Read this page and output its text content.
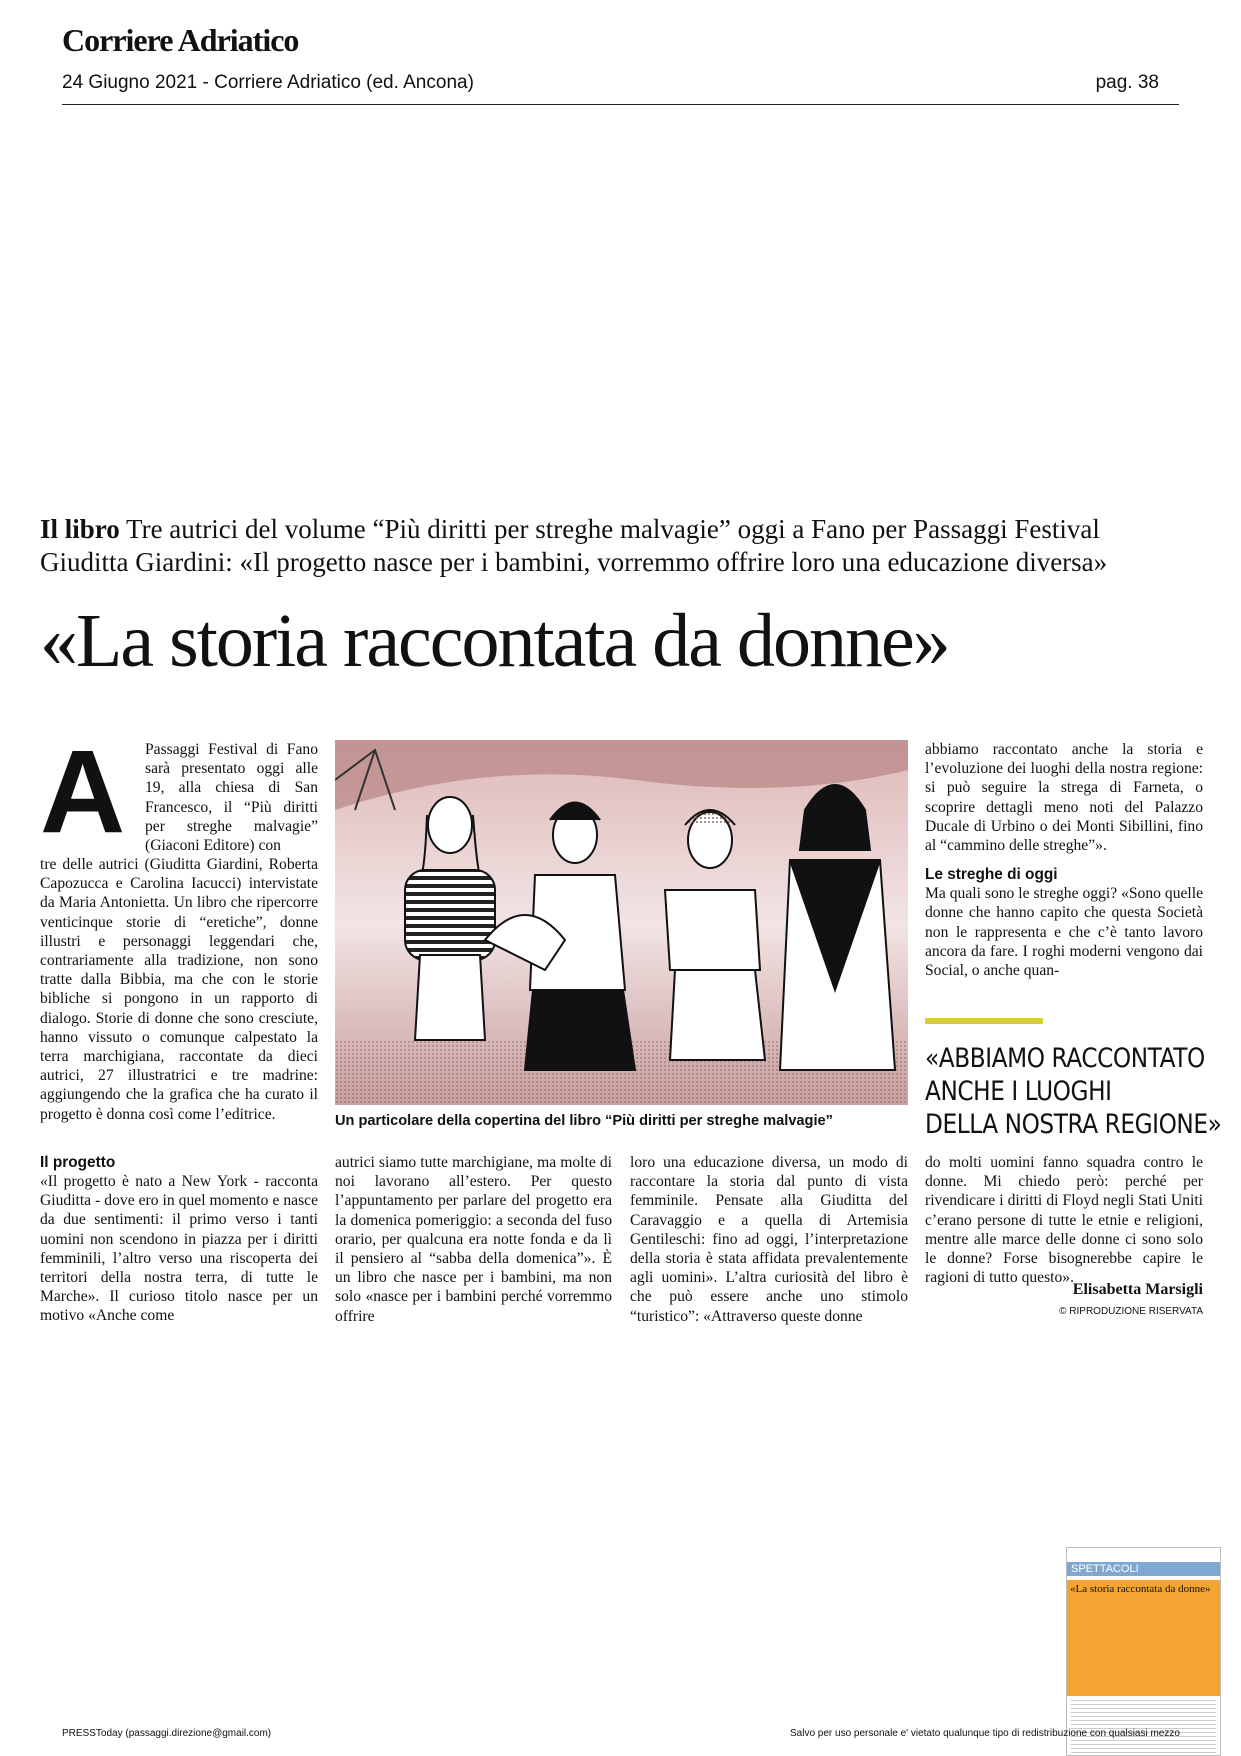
Corriere Adriatico
24 Giugno 2021 - Corriere Adriatico (ed. Ancona)	pag. 38
Il libro Tre autrici del volume “Più diritti per streghe malvagie” oggi a Fano per Passaggi Festival
Giuditta Giardini: «Il progetto nasce per i bambini, vorremmo offrire loro una educazione diversa»
«La storia raccontata da donne»
A Passaggi Festival di Fano sarà presentato oggi alle 19, alla chiesa di San Francesco, il “Più diritti per streghe malvagie” (Giaconi Editore) con
tre delle autrici (Giuditta Giardini, Roberta Capozucca e Carolina Iacucci) intervistate da Maria Antonietta. Un libro che ripercorre venticinque storie di “eretiche”, donne illustri e personaggi leggendari che, contrariamente alla tradizione, non sono tratte dalla Bibbia, ma che con le storie bibliche si pongono in un rapporto di dialogo. Storie di donne che sono cresciute, hanno vissuto o comunque calpestato la terra marchigiana, raccontate da dieci autrici, 27 illustratrici e tre madrine: aggiungendo che la grafica che ha curato il progetto è donna così come l’editrice.	Un particolare della copertina del libro “Più diritti per streghe malvagie”
Il progetto

«Il progetto è nato a New York - racconta Giuditta - dove ero in quel momento e nasce da due sentimenti: il primo verso i tanti uomini non scendono in piazza per i diritti femminili, l’altro verso una riscoperta dei territori della nostra terra, di tutte le Marche». Il curioso titolo nasce per un motivo «Anche come

autrici siamo tutte marchigiane, ma molte di noi lavorano all’estero. Per questo l’appuntamento per parlare del progetto era la domenica pomeriggio: a seconda del fuso orario, per qualcuna era notte fonda e da lì il pensiero al “sabba della domenica”». È un libro che nasce per i bambini, ma non solo «nasce per i bambini perché vorremmo offrire
loro una educazione diversa, un modo di raccontare la storia dal punto di vista femminile. Pensate alla Giuditta del Caravaggio e a quella di Artemisia Gentileschi: fino ad oggi, l’interpretazione della storia è stata affidata prevalentemente agli uomini». L’altra curiosità del libro è che può essere anche uno stimolo “turistico”: «Attraverso queste donne

abbiamo raccontato anche la storia e l’evoluzione dei luoghi della nostra regione: si può seguire la strega di Farneta, o scoprire dettagli meno noti del Palazzo Ducale di Urbino o dei Monti Sibillini, fino al “cammino delle streghe”».

Le streghe di oggi

Ma quali sono le streghe oggi? «Sono quelle donne che hanno capito che questa Società non le rappresenta e che c’è tanto lavoro ancora da fare. I roghi moderni vengono dai Social, o anche quan-

«ABBIAMO RACCONTATO
ANCHE I LUOGHI
DELLA NOSTRA REGIONE»
do molti uomini fanno squadra contro le donne. Mi chiedo però: perché per rivendicare i diritti di Floyd negli Stati Uniti c’erano persone di tutte le etnie e religioni, mentre alle marce delle donne ci sono solo le donne? Forse bisognerebbe capire le ragioni di tutto questo».
Elisabetta Marsigli
© RIPRODUZIONE RISERVATA
SPETTACOLI
«La storia raccontata da donne»
PRESSToday (passaggi.direzione@gmail.com)	Salvo per uso personale e' vietato qualunque tipo di redistribuzione con qualsiasi mezzo
